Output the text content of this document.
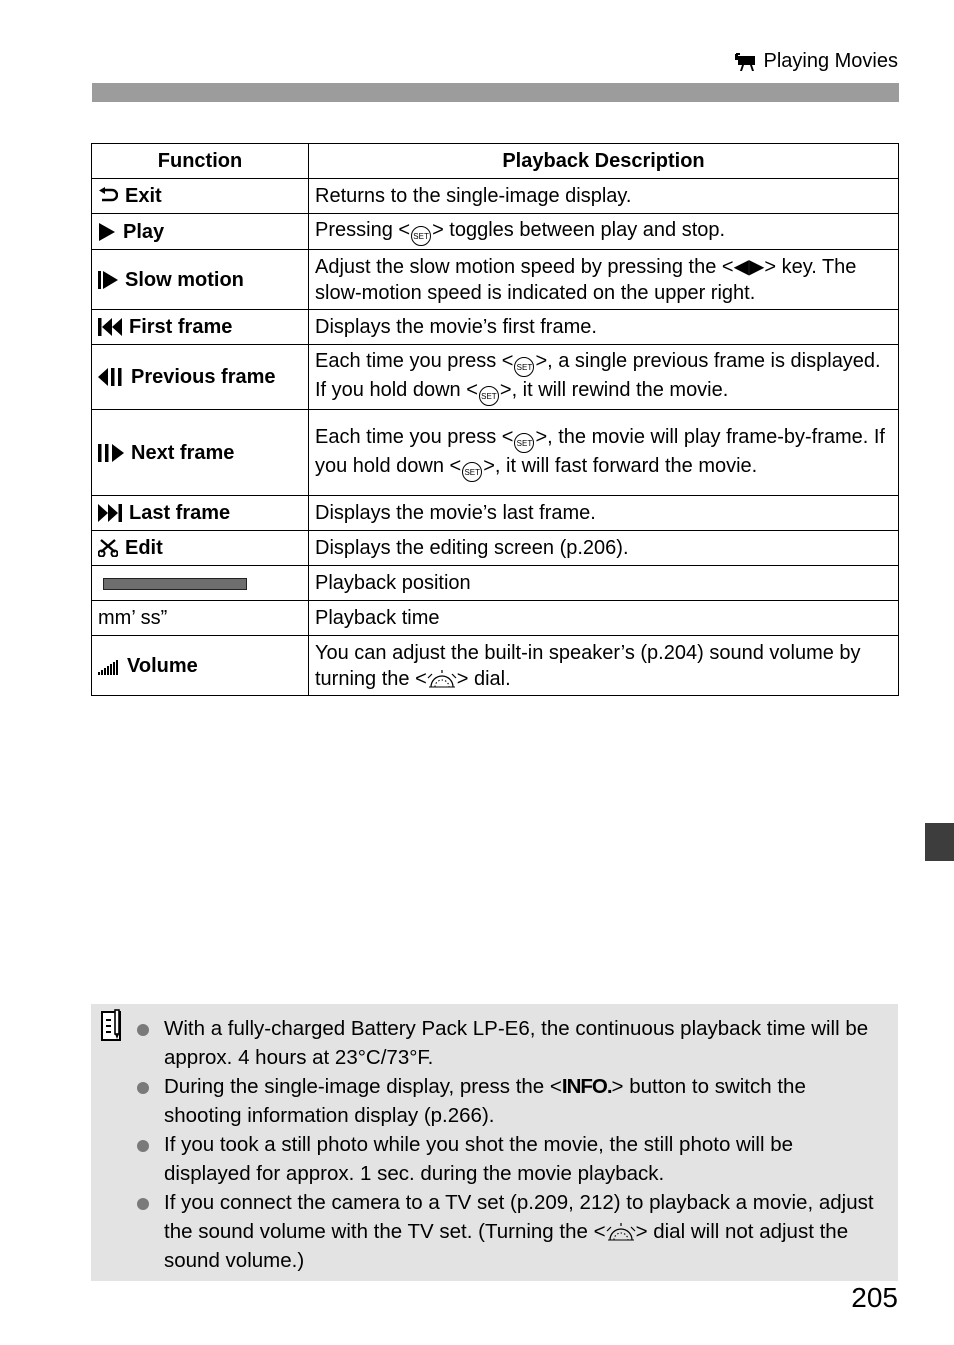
Playing Movies
Function	Playback Description
Exit	Returns to the single-image display.
Play	Pressing < SET > toggles between play and stop.
Slow motion	Adjust the slow motion speed by pressing the <◀▶> key. The slow-motion speed is indicated on the upper right.
First frame	Displays the movie’s first frame.
Previous frame	Each time you press < SET >, a single previous frame is displayed. If you hold down < SET >, it will rewind the movie.
Next frame	Each time you press < SET >, the movie will play frame-by-frame. If you hold down < SET >, it will fast forward the movie.
Last frame	Displays the movie’s last frame.
Edit	Displays the editing screen (p.206).
	Playback position
mm’ ss”	Playback time
Volume	You can adjust the built-in speaker’s (p.204) sound volume by turning the < > dial.
With a fully-charged Battery Pack LP-E6, the continuous playback time will be approx. 4 hours at 23°C/73°F.
During the single-image display, press the <INFO.> button to switch the shooting information display (p.266).
If you took a still photo while you shot the movie, the still photo will be displayed for approx. 1 sec. during the movie playback.
If you connect the camera to a TV set (p.209, 212) to playback a movie, adjust the sound volume with the TV set. (Turning the < > dial will not adjust the sound volume.)
205
